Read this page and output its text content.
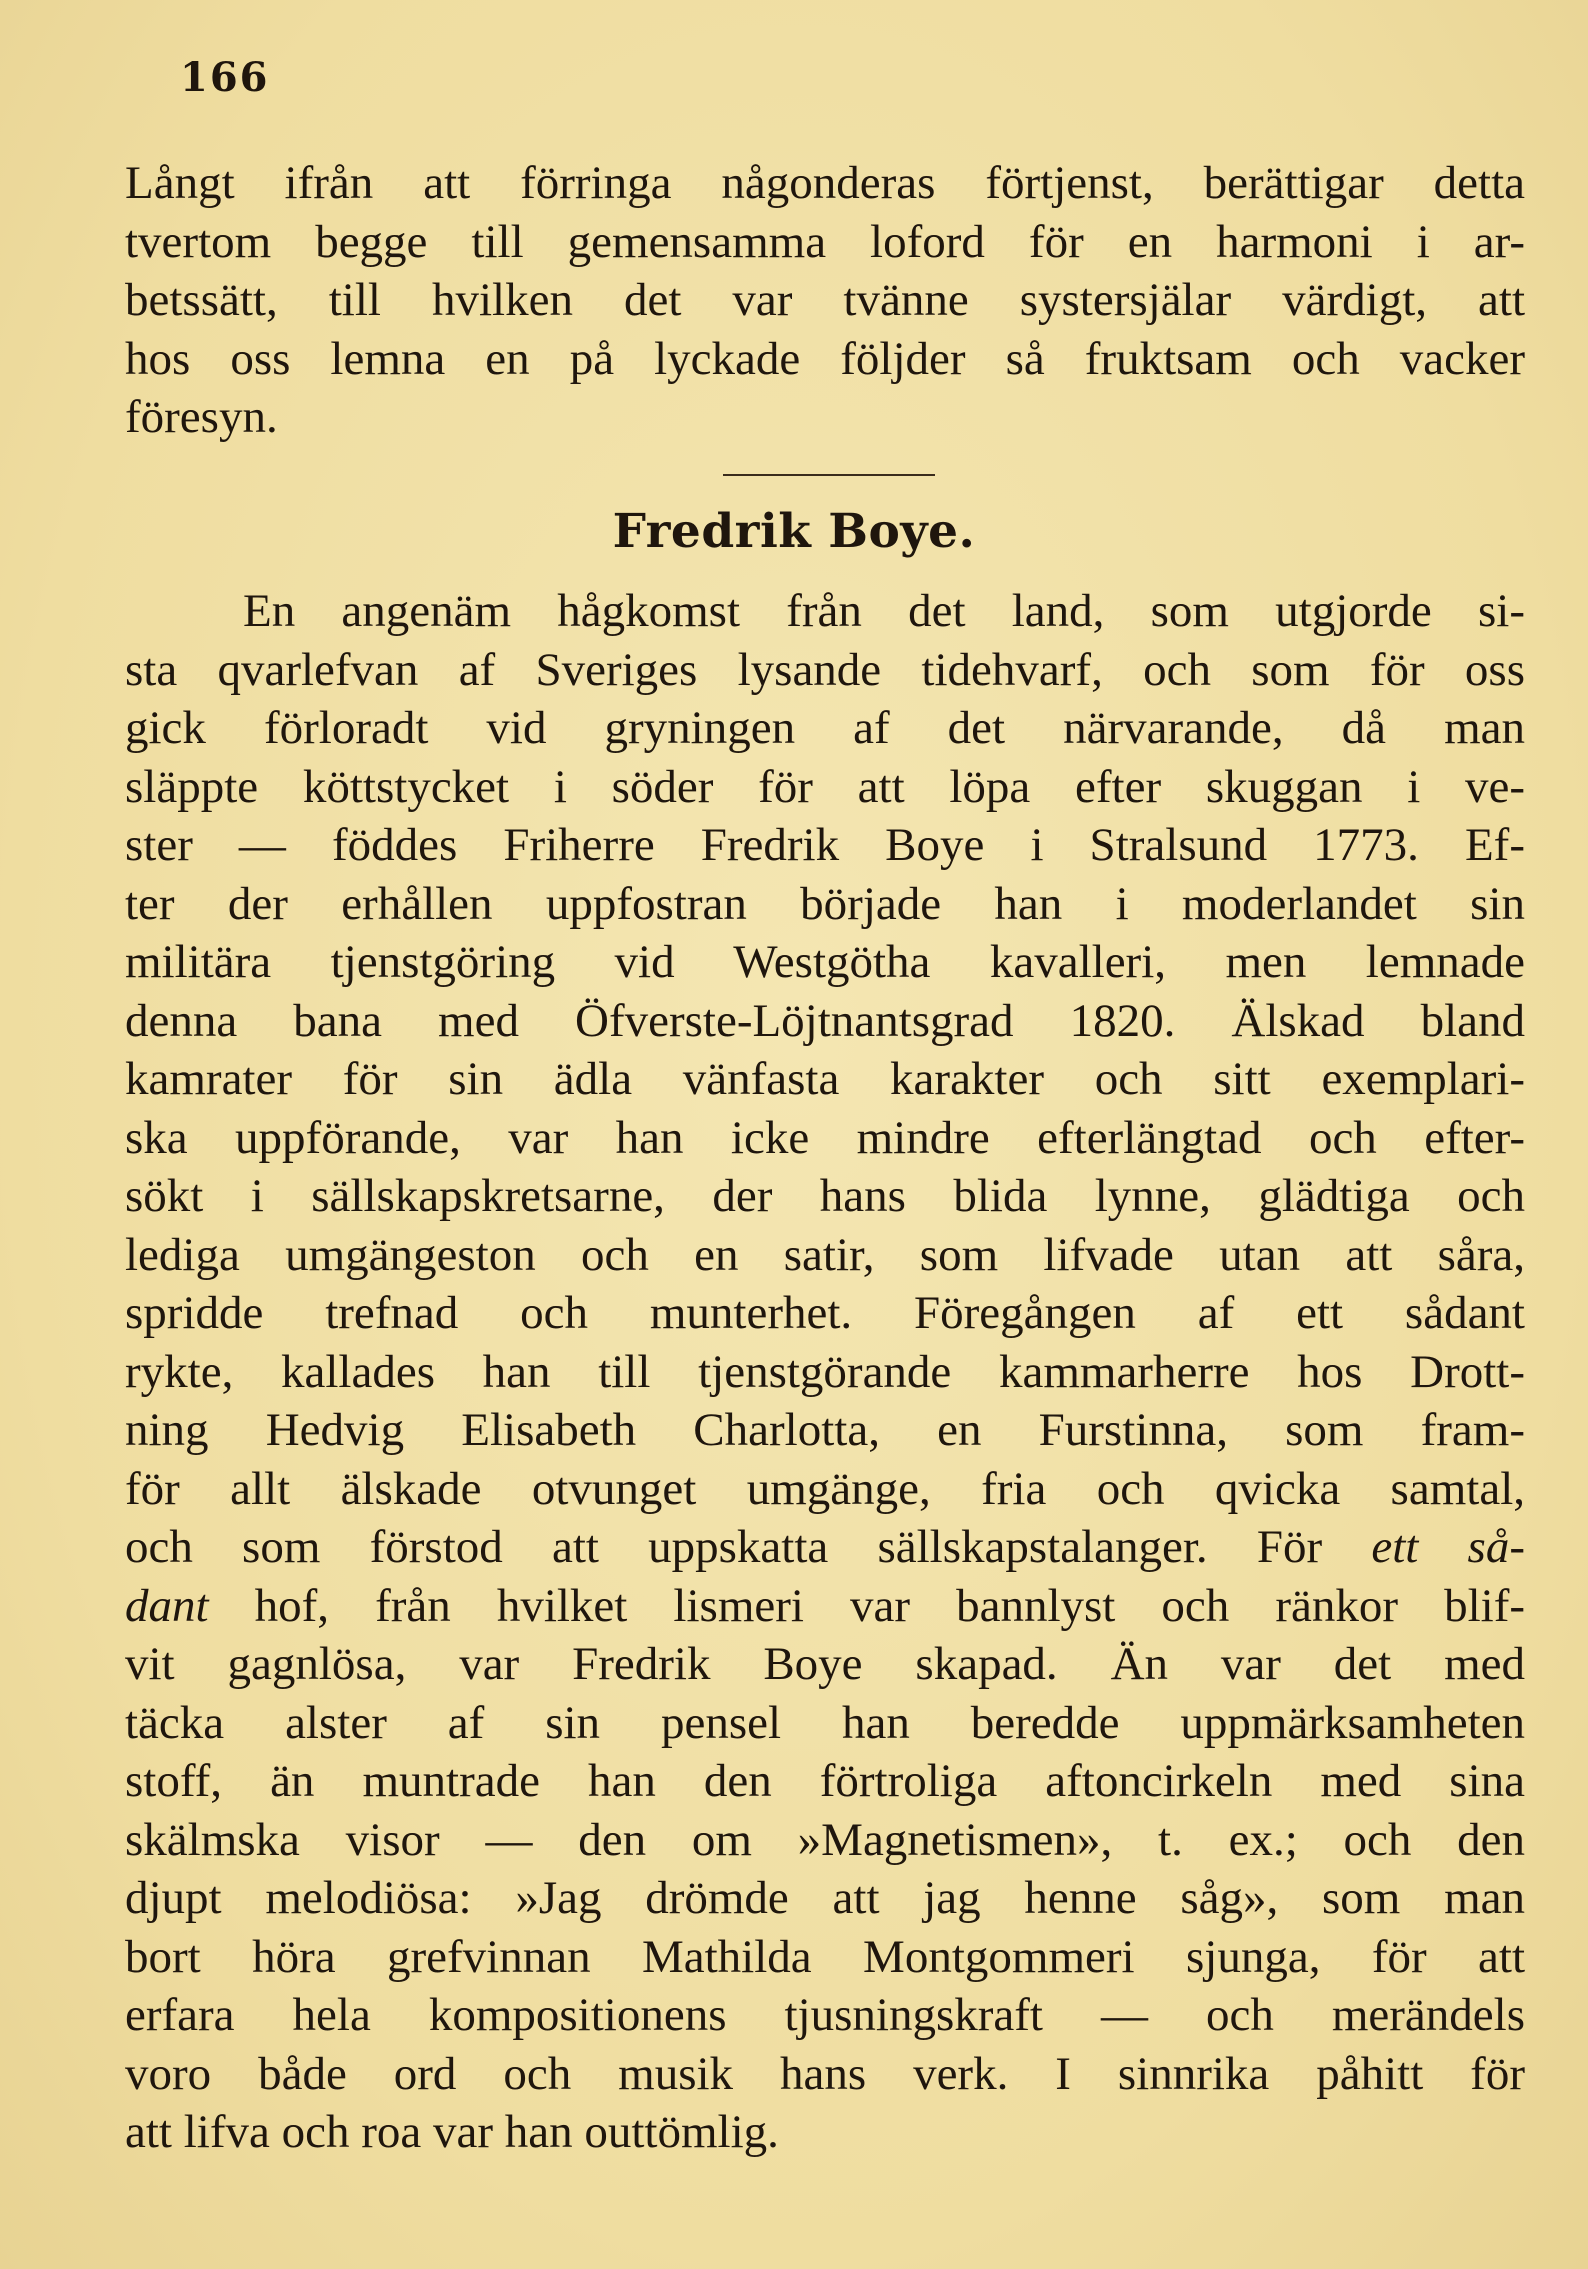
166
Långt ifrån att förringa någonderas förtjenst, berättigar detta
tvertom begge till gemensamma loford för en harmoni i ar-
betssätt, till hvilken det var tvänne systersjälar värdigt, att
hos oss lemna en på lyckade följder så fruktsam och vacker
föresyn.
Fredrik Boye.
En angenäm hågkomst från det land, som utgjorde si-
sta qvarlefvan af Sveriges lysande tidehvarf, och som för oss
gick förloradt vid gryningen af det närvarande, då man
släppte köttstycket i söder för att löpa efter skuggan i ve-
ster — föddes Friherre Fredrik Boye i Stralsund 1773. Ef-
ter der erhållen uppfostran började han i moderlandet sin
militära tjenstgöring vid Westgötha kavalleri, men lemnade
denna bana med Öfverste-Löjtnantsgrad 1820. Älskad bland
kamrater för sin ädla vänfasta karakter och sitt exemplari-
ska uppförande, var han icke mindre efterlängtad och efter-
sökt i sällskapskretsarne, der hans blida lynne, glädtiga och
lediga umgängeston och en satir, som lifvade utan att såra,
spridde trefnad och munterhet. Föregången af ett sådant
rykte, kallades han till tjenstgörande kammarherre hos Drott-
ning Hedvig Elisabeth Charlotta, en Furstinna, som fram-
för allt älskade otvunget umgänge, fria och qvicka samtal,
och som förstod att uppskatta sällskapstalanger. För ett så-
dant hof, från hvilket lismeri var bannlyst och ränkor blif-
vit gagnlösa, var Fredrik Boye skapad. Än var det med
täcka alster af sin pensel han beredde uppmärksamheten
stoff, än muntrade han den förtroliga aftoncirkeln med sina
skälmska visor — den om »Magnetismen», t. ex.; och den
djupt melodiösa: »Jag drömde att jag henne såg», som man
bort höra grefvinnan Mathilda Montgommeri sjunga, för att
erfara hela kompositionens tjusningskraft — och merändels
voro både ord och musik hans verk. I sinnrika påhitt för
att lifva och roa var han outtömlig.
